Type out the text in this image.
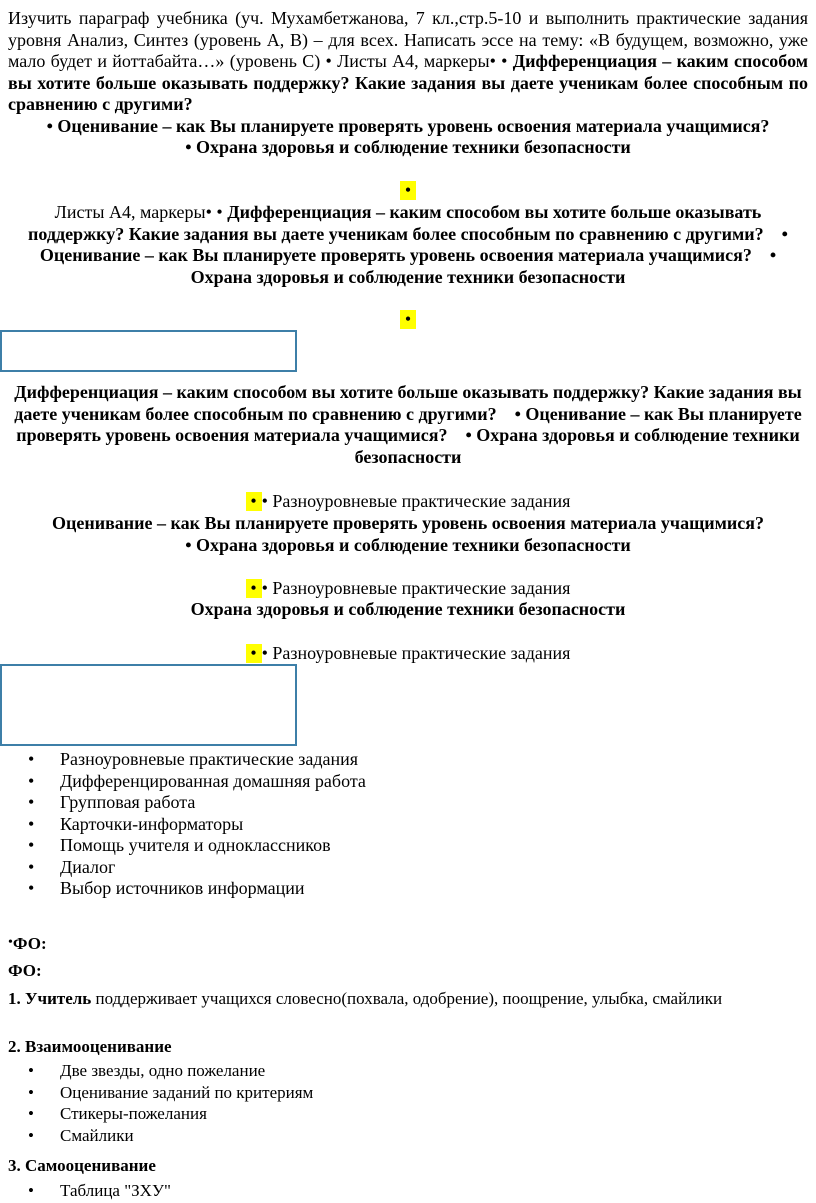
Изучить параграф учебника (уч. Мухамбетжанова, 7 кл.,стр.5-10 и выполнить практические задания уровня Анализ, Синтез (уровень А, В) – для всех. Написать эссе на тему: «В будущем, возможно, уже мало будет и йоттабайта…» (уровень С) • Листы А4, маркеры• • Дифференциация – каким способом вы хотите больше оказывать поддержку? Какие задания вы даете ученикам более способным по сравнению с другими?
• Оценивание – как Вы планируете проверять уровень освоения материала учащимися?
• Охрана здоровья и соблюдение техники безопасности
•
Листы А4, маркеры• • Дифференциация – каким способом вы хотите больше оказывать поддержку? Какие задания вы даете ученикам более способным по сравнению с другими? • Оценивание – как Вы планируете проверять уровень освоения материала учащимися? • Охрана здоровья и соблюдение техники безопасности
•
Дифференциация – каким способом вы хотите больше оказывать поддержку? Какие задания вы даете ученикам более способным по сравнению с другими? • Оценивание – как Вы планируете проверять уровень освоения материала учащимися? • Охрана здоровья и соблюдение техники безопасности
• • Разноуровневые практические задания
Оценивание – как Вы планируете проверять уровень освоения материала учащимися?
• Охрана здоровья и соблюдение техники безопасности
• • Разноуровневые практические задания
Охрана здоровья и соблюдение техники безопасности
• • Разноуровневые практические задания
• Разноуровневые практические задания
• Дифференцированная домашняя работа
• Групповая работа
• Карточки-информаторы
• Помощь учителя и одноклассников
• Диалог
• Выбор источников информации
•ФО:
ФО:
1. Учитель поддерживает учащихся словесно(похвала, одобрение), поощрение, улыбка, смайлики
2. Взаимооценивание
• Две звезды, одно пожелание
• Оценивание заданий по критериям
• Стикеры-пожелания
• Смайлики
3. Самооценивание
• Таблица "ЗХУ"
